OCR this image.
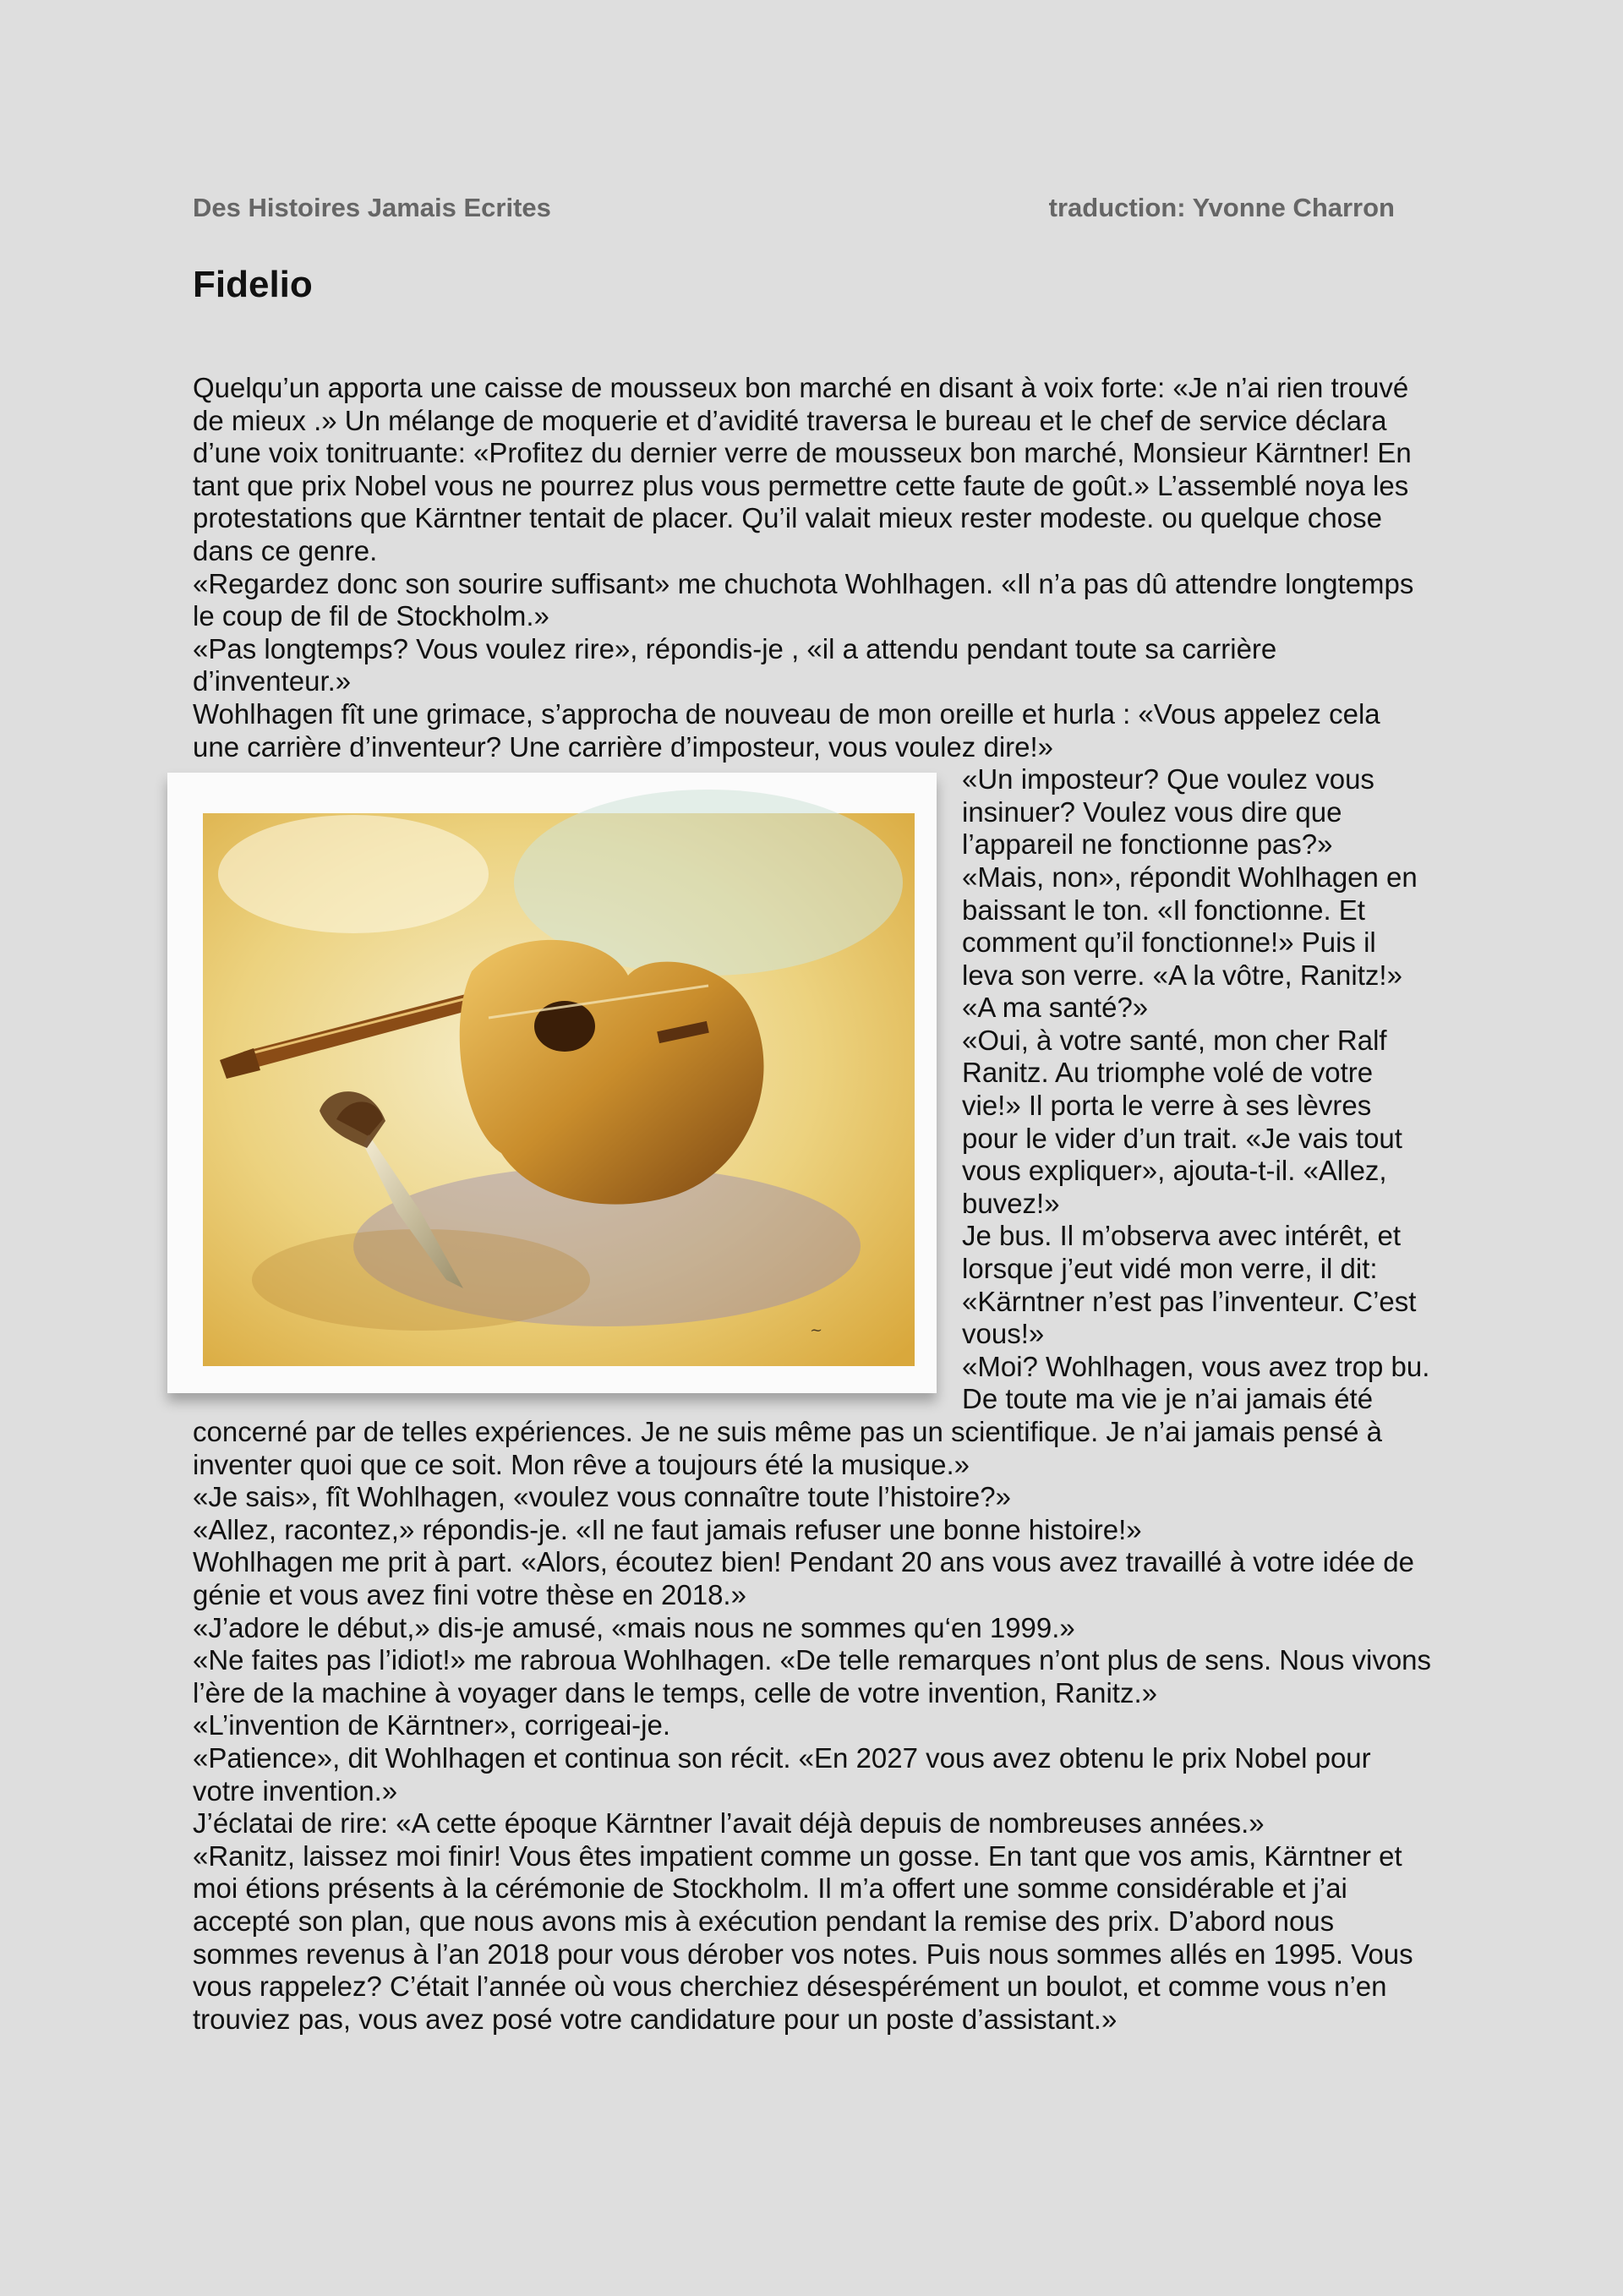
Des Histoires Jamais Ecrites	traduction: Yvonne Charron
Fidelio

Quelqu’un apporta une caisse de mousseux bon marché en disant à voix forte: «Je n’ai rien trouvé de mieux .» Un mélange de moquerie et d’avidité traversa le bureau et le chef de service déclara d’une voix tonitruante: «Profitez du dernier verre de mousseux bon marché, Monsieur Kärntner! En tant que prix Nobel vous ne pourrez plus vous permettre cette faute de goût.» L’assemblé noya les protestations que Kärntner tentait de placer. Qu’il valait mieux rester modeste. ou quelque chose dans ce genre.

«Regardez donc son sourire suffisant» me chuchota Wohlhagen. «Il n’a pas dû attendre longtemps le coup de fil de Stockholm.»

«Pas longtemps? Vous voulez rire», répondis-je , «il a attendu pendant toute sa carrière d’inventeur.»

Wohlhagen fît une grimace, s’approcha de nouveau de mon oreille et hurla : «Vous appelez cela une carrière d’inventeur? Une carrière d’imposteur, vous voulez dire!»

~

«Un imposteur? Que voulez vous insinuer? Voulez vous dire que l’appareil ne fonctionne pas?»

«Mais, non», répondit Wohlhagen en baissant le ton. «Il fonctionne. Et comment qu’il fonctionne!» Puis il leva son verre. «A la vôtre, Ranitz!»

«A ma santé?»

«Oui, à votre santé, mon cher Ralf Ranitz. Au triomphe volé de votre vie!» Il porta le verre à ses lèvres pour le vider d’un trait. «Je vais tout vous expliquer», ajouta-t-il. «Allez, buvez!»

Je bus. Il m’observa avec intérêt, et lorsque j’eut vidé mon verre, il dit: «Kärntner n’est pas l’inventeur. C’est vous!»

«Moi? Wohlhagen, vous avez trop bu. De toute ma vie je n’ai jamais été concerné par de telles expériences. Je ne suis même pas un scientifique. Je n’ai jamais pensé à inventer quoi que ce soit. Mon rêve a toujours été la musique.»

«Je sais», fît Wohlhagen, «voulez vous connaître toute l’histoire?»

«Allez, racontez,» répondis-je. «Il ne faut jamais refuser une bonne histoire!»

Wohlhagen me prit à part. «Alors, écoutez bien! Pendant 20 ans vous avez travaillé à votre idée de génie et vous avez fini votre thèse en 2018.»

«J’adore le début,» dis-je amusé, «mais nous ne sommes qu‘en 1999.»

«Ne faites pas l’idiot!» me rabroua Wohlhagen. «De telle remarques n’ont plus de sens. Nous vivons l’ère de la machine à voyager dans le temps, celle de votre invention, Ranitz.»

«L’invention de Kärntner», corrigeai-je.

«Patience», dit Wohlhagen et continua son récit. «En 2027 vous avez obtenu le prix Nobel pour votre invention.»

J’éclatai de rire: «A cette époque Kärntner l’avait déjà depuis de nombreuses années.»

«Ranitz, laissez moi finir! Vous êtes impatient comme un gosse. En tant que vos amis, Kärntner et moi étions présents à la cérémonie de Stockholm. Il m’a offert une somme considérable et j’ai accepté son plan, que nous avons mis à exécution pendant la remise des prix. D’abord nous sommes revenus à l’an 2018 pour vous dérober vos notes. Puis nous sommes allés en 1995. Vous vous rappelez? C’était l’année où vous cherchiez désespérément un boulot, et comme vous n’en trouviez pas, vous avez posé votre candidature pour un poste d’assistant.»
